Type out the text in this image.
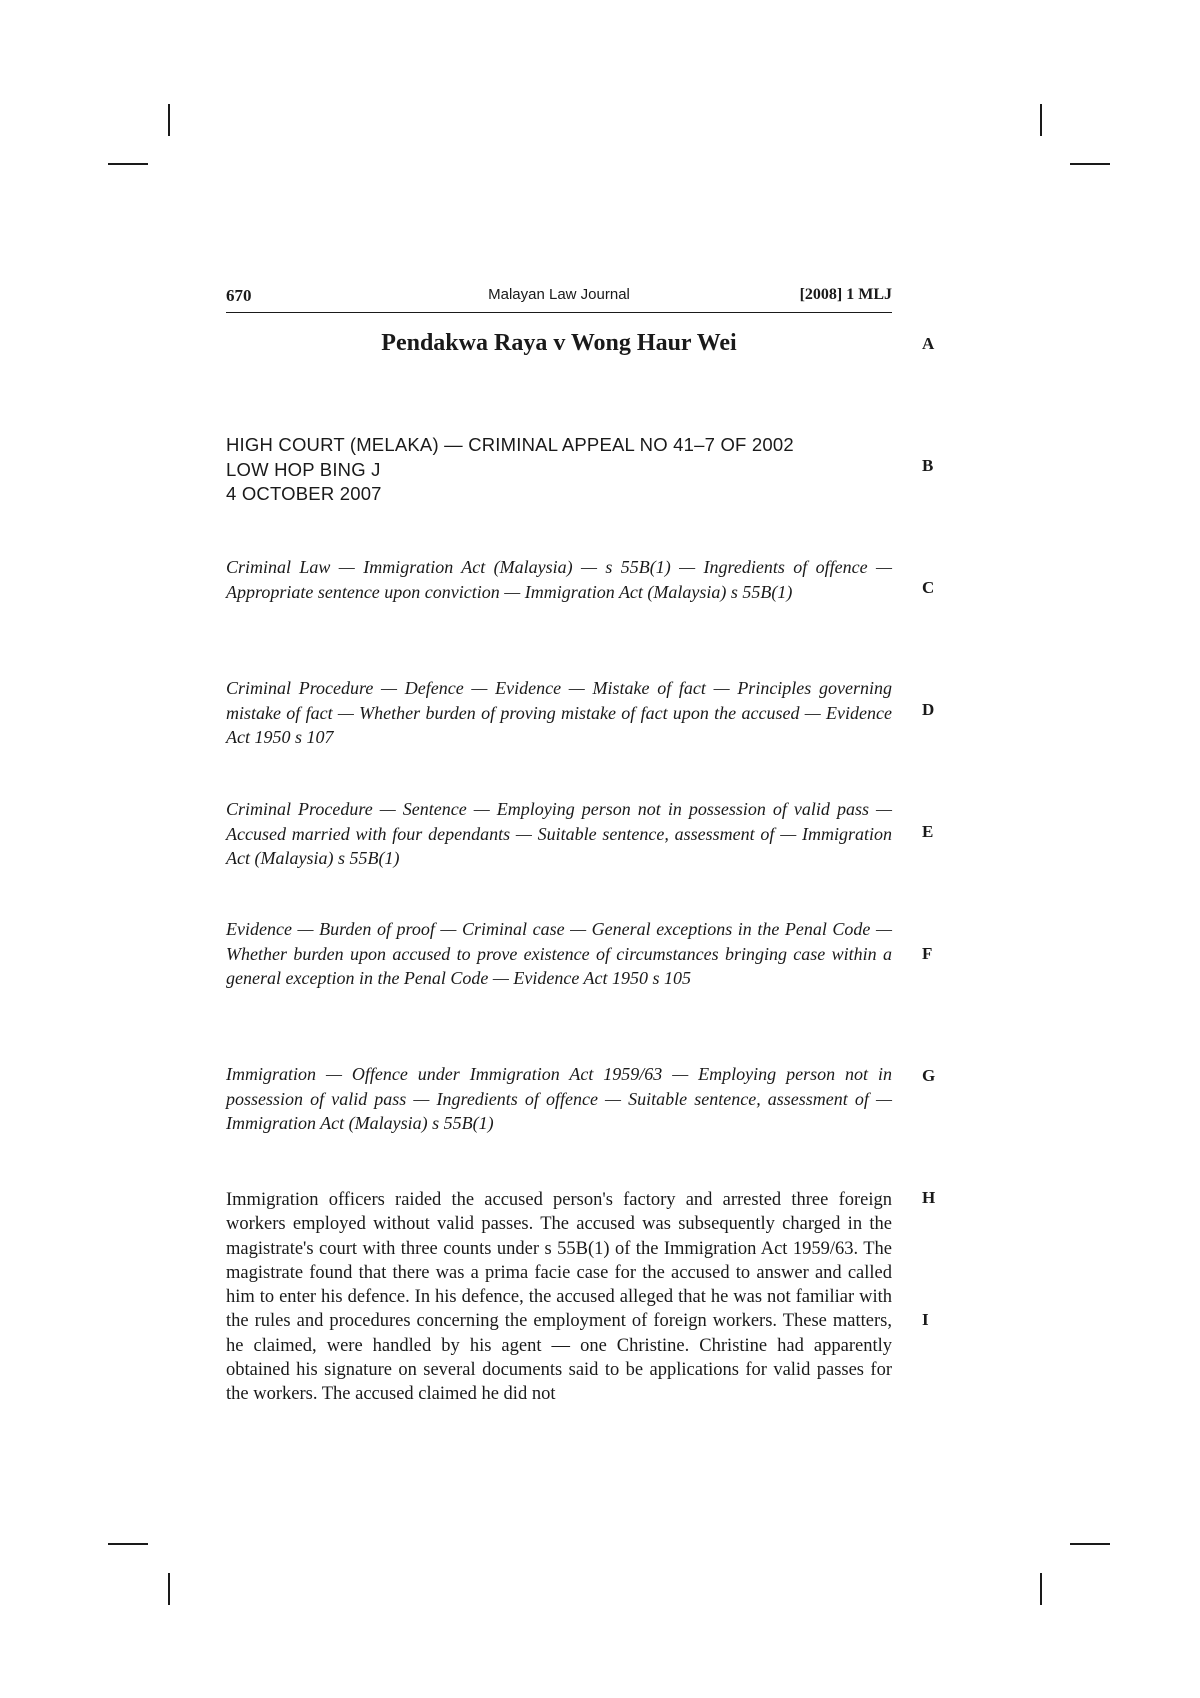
Malayan Law Journal
670	[2008] 1 MLJ
Pendakwa Raya v Wong Haur Wei
HIGH COURT (MELAKA) — CRIMINAL APPEAL NO 41–7 OF 2002
LOW HOP BING J
4 OCTOBER 2007
Criminal Law — Immigration Act (Malaysia) — s 55B(1) — Ingredients of offence — Appropriate sentence upon conviction — Immigration Act (Malaysia) s 55B(1)
Criminal Procedure — Defence — Evidence — Mistake of fact — Principles governing mistake of fact — Whether burden of proving mistake of fact upon the accused — Evidence Act 1950 s 107
Criminal Procedure — Sentence — Employing person not in possession of valid pass — Accused married with four dependants — Suitable sentence, assessment of — Immigration Act (Malaysia) s 55B(1)
Evidence — Burden of proof — Criminal case — General exceptions in the Penal Code — Whether burden upon accused to prove existence of circumstances bringing case within a general exception in the Penal Code — Evidence Act 1950 s 105
Immigration — Offence under Immigration Act 1959/63 — Employing person not in possession of valid pass — Ingredients of offence — Suitable sentence, assessment of — Immigration Act (Malaysia) s 55B(1)
Immigration officers raided the accused person's factory and arrested three foreign workers employed without valid passes. The accused was subsequently charged in the magistrate's court with three counts under s 55B(1) of the Immigration Act 1959/63. The magistrate found that there was a prima facie case for the accused to answer and called him to enter his defence. In his defence, the accused alleged that he was not familiar with the rules and procedures concerning the employment of foreign workers. These matters, he claimed, were handled by his agent — one Christine. Christine had apparently obtained his signature on several documents said to be applications for valid passes for the workers. The accused claimed he did not
A
B
C
D
E
F
G
H
I
